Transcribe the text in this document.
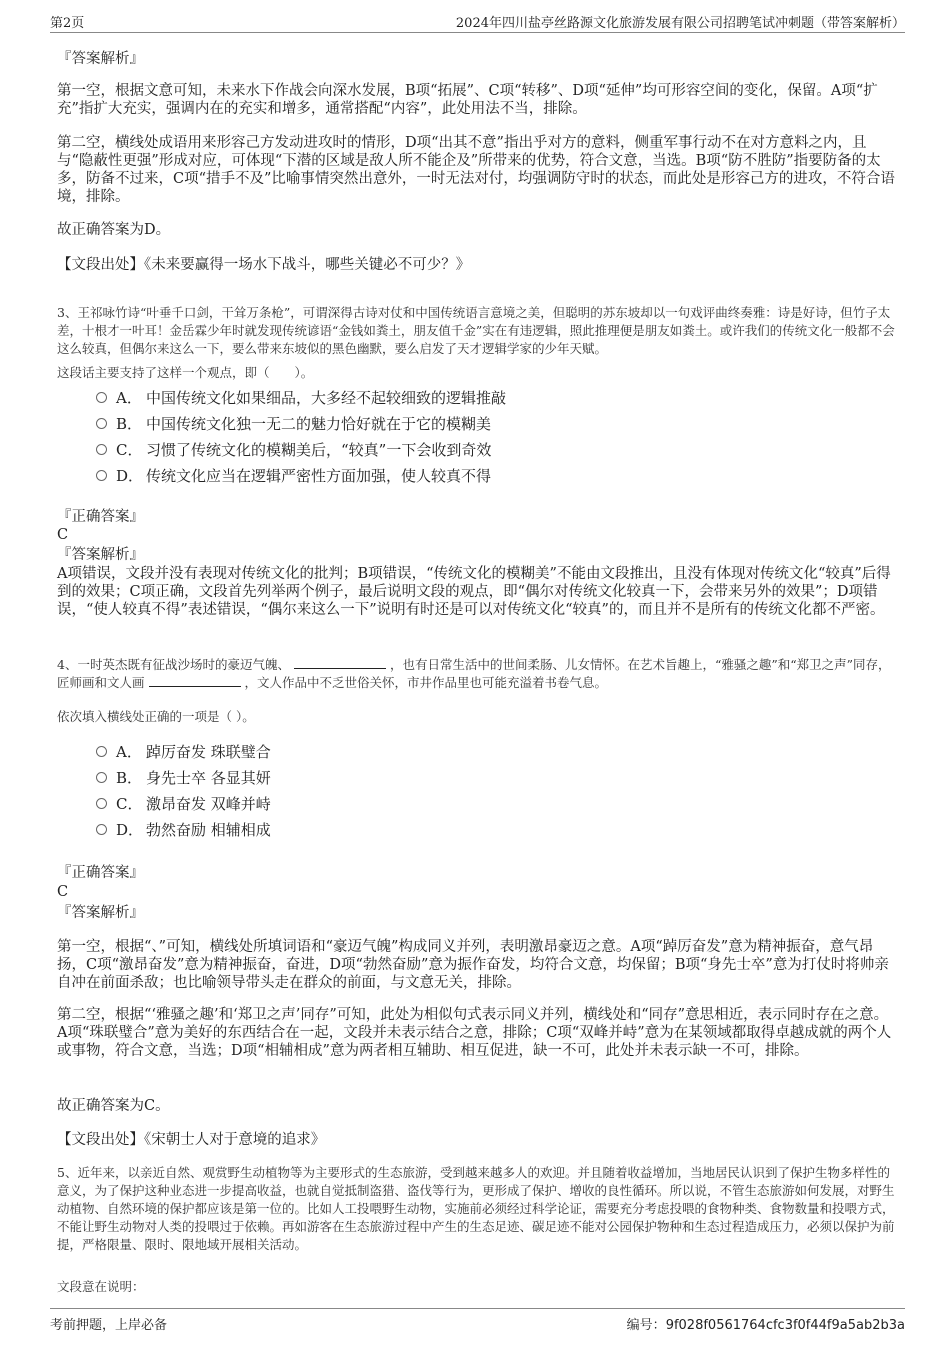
第2页	2024年四川盐亭丝路源文化旅游发展有限公司招聘笔试冲刺题（带答案解析）

『答案解析』

第一空，根据文意可知，未来水下作战会向深水发展，B项“拓展”、C项“转移”、D项“延伸”均可形容空间的变化，保留。A项“扩充”指扩大充实，强调内在的充实和增多，通常搭配“内容”，此处用法不当，排除。

第二空，横线处成语用来形容己方发动进攻时的情形，D项“出其不意”指出乎对方的意料，侧重军事行动不在对方意料之内，且与“隐蔽性更强”形成对应，可体现“下潜的区域是敌人所不能企及”所带来的优势，符合文意，当选。B项“防不胜防”指要防备的太多，防备不过来，C项“措手不及”比喻事情突然出意外，一时无法对付，均强调防守时的状态，而此处是形容己方的进攻，不符合语境，排除。

故正确答案为D。

【文段出处】《未来要赢得一场水下战斗，哪些关键必不可少？》

3、王祁咏竹诗“叶垂千口剑，干耸万条枪”，可谓深得古诗对仗和中国传统语言意境之美，但聪明的苏东坡却以一句戏评曲终奏雅：诗是好诗，但竹子太差，十根才一叶耳！金岳霖少年时就发现传统谚语“金钱如粪土，朋友值千金”实在有违逻辑，照此推理便是朋友如粪土。或许我们的传统文化一般都不会这么较真，但偶尔来这么一下，要么带来东坡似的黑色幽默，要么启发了天才逻辑学家的少年天赋。

这段话主要支持了这样一个观点，即（　　）。

A． 中国传统文化如果细品，大多经不起较细致的逻辑推敲

B． 中国传统文化独一无二的魅力恰好就在于它的模糊美

C． 习惯了传统文化的模糊美后，“较真”一下会收到奇效

D． 传统文化应当在逻辑严密性方面加强，使人较真不得

『正确答案』

C

『答案解析』

A项错误，文段并没有表现对传统文化的批判；B项错误，“传统文化的模糊美”不能由文段推出，且没有体现对传统文化“较真”后得到的效果；C项正确，文段首先列举两个例子，最后说明文段的观点，即“偶尔对传统文化较真一下，会带来另外的效果”；D项错误，“使人较真不得”表述错误，“偶尔来这么一下”说明有时还是可以对传统文化“较真”的，而且并不是所有的传统文化都不严密。

4、一时英杰既有征战沙场时的豪迈气魄、	，也有日常生活中的世间柔肠、儿女情怀。在艺术旨趣上，“雅骚之趣”和“郑卫之声”同存，匠师画和文人画	，文人作品中不乏世俗关怀，市井作品里也可能充溢着书卷气息。

依次填入横线处正确的一项是（ ）。

A． 踔厉奋发 珠联璧合

B． 身先士卒 各显其妍

C． 激昂奋发 双峰并峙

D． 勃然奋励 相辅相成

『正确答案』

C

『答案解析』

第一空，根据“、”可知，横线处所填词语和“豪迈气魄”构成同义并列，表明激昂豪迈之意。A项“踔厉奋发”意为精神振奋，意气昂扬，C项“激昂奋发”意为精神振奋，奋进，D项“勃然奋励”意为振作奋发，均符合文意，均保留；B项“身先士卒”意为打仗时将帅亲自冲在前面杀敌；也比喻领导带头走在群众的前面，与文意无关，排除。

第二空，根据“‘雅骚之趣’和‘郑卫之声’同存”可知，此处为相似句式表示同义并列，横线处和“同存”意思相近，表示同时存在之意。A项“珠联璧合”意为美好的东西结合在一起，文段并未表示结合之意，排除；C项“双峰并峙”意为在某领域都取得卓越成就的两个人或事物，符合文意，当选；D项“相辅相成”意为两者相互辅助、相互促进，缺一不可，此处并未表示缺一不可，排除。

故正确答案为C。

【文段出处】《宋朝士人对于意境的追求》

5、近年来，以亲近自然、观赏野生动植物等为主要形式的生态旅游，受到越来越多人的欢迎。并且随着收益增加，当地居民认识到了保护生物多样性的意义，为了保护这种业态进一步提高收益，也就自觉抵制盗猎、盗伐等行为，更形成了保护、增收的良性循环。所以说，不管生态旅游如何发展，对野生动植物、自然环境的保护都应该是第一位的。比如人工投喂野生动物，实施前必须经过科学论证，需要充分考虑投喂的食物种类、食物数量和投喂方式，不能让野生动物对人类的投喂过于依赖。再如游客在生态旅游过程中产生的生态足迹、碳足迹不能对公园保护物种和生态过程造成压力，必须以保护为前提，严格限量、限时、限地域开展相关活动。

文段意在说明：

考前押题，上岸必备	编号：9f028f0561764cfc3f0f44f9a5ab2b3a
